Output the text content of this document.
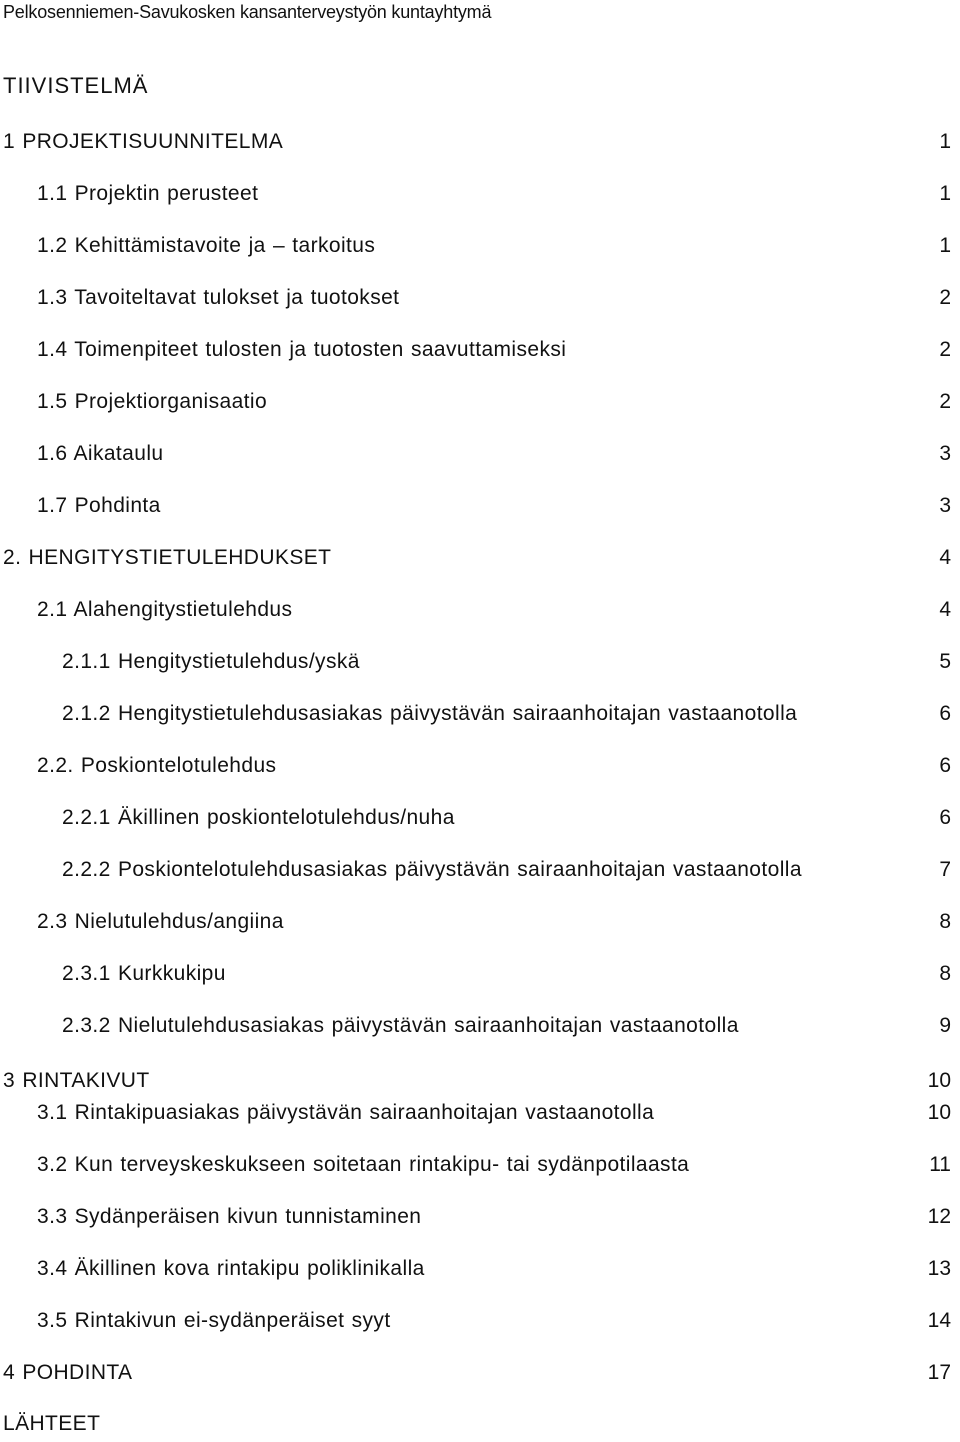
Pelkosenniemen-Savukosken kansanterveystyön kuntayhtymä
TIIVISTELMÄ
1 PROJEKTISUUNNITELMA	1
1.1 Projektin perusteet	1
1.2 Kehittämistavoite ja – tarkoitus	1
1.3 Tavoiteltavat tulokset ja tuotokset	2
1.4 Toimenpiteet tulosten ja tuotosten saavuttamiseksi	2
1.5 Projektiorganisaatio	2
1.6 Aikataulu	3
1.7 Pohdinta	3
2. HENGITYSTIETULEHDUKSET	4
2.1 Alahengitystietulehdus	4
2.1.1 Hengitystietulehdus/yskä	5
2.1.2 Hengitystietulehdusasiakas päivystävän sairaanhoitajan vastaanotolla	6
2.2. Poskiontelotulehdus	6
2.2.1 Äkillinen poskiontelotulehdus/nuha	6
2.2.2 Poskiontelotulehdusasiakas päivystävän sairaanhoitajan vastaanotolla	7
2.3 Nielutulehdus/angiina	8
2.3.1 Kurkkukipu	8
2.3.2 Nielutulehdusasiakas päivystävän sairaanhoitajan vastaanotolla	9
3 RINTAKIVUT	10
3.1 Rintakipuasiakas päivystävän sairaanhoitajan vastaanotolla	10
3.2 Kun terveyskeskukseen soitetaan rintakipu- tai sydänpotilaasta	11
3.3 Sydänperäisen kivun tunnistaminen	12
3.4 Äkillinen kova rintakipu poliklinikalla	13
3.5 Rintakivun ei-sydänperäiset syyt	14
4 POHDINTA	17
LÄHTEET
